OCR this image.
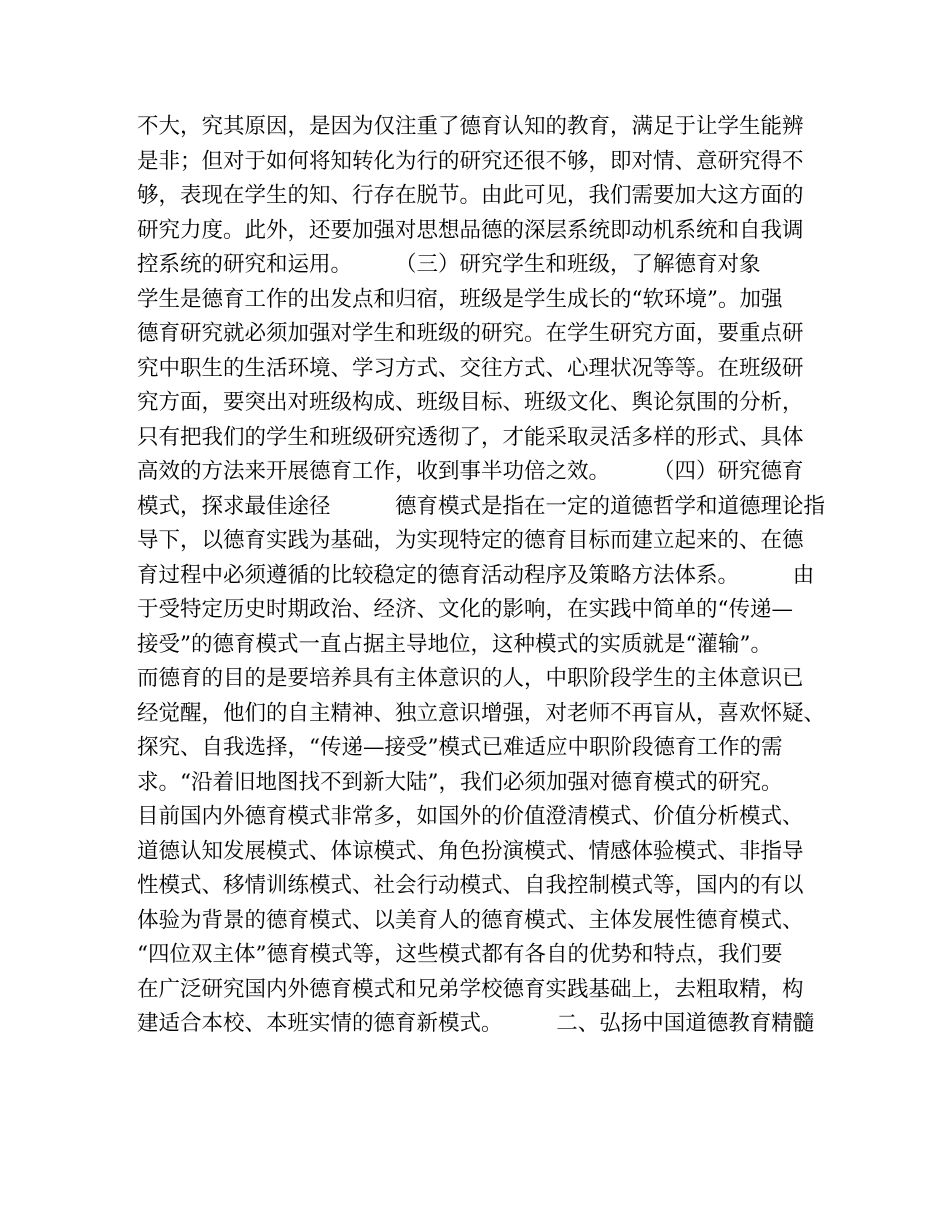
不大，究其原因，是因为仅注重了德育认知的教育，满足于让学生能辨
是非；但对于如何将知转化为行的研究还很不够，即对情、意研究得不
够，表现在学生的知、行存在脱节。由此可见，我们需要加大这方面的
研究力度。此外，还要加强对思想品德的深层系统即动机系统和自我调
控系统的研究和运用。　　　（三）研究学生和班级，了解德育对象
学生是德育工作的出发点和归宿，班级是学生成长的“软环境”。加强
德育研究就必须加强对学生和班级的研究。在学生研究方面，要重点研
究中职生的生活环境、学习方式、交往方式、心理状况等等。在班级研
究方面，要突出对班级构成、班级目标、班级文化、舆论氛围的分析，
只有把我们的学生和班级研究透彻了，才能采取灵活多样的形式、具体
高效的方法来开展德育工作，收到事半功倍之效。　　　（四）研究德育
模式，探求最佳途径　　　德育模式是指在一定的道德哲学和道德理论指
导下，以德育实践为基础，为实现特定的德育目标而建立起来的、在德
育过程中必须遵循的比较稳定的德育活动程序及策略方法体系。　　　由
于受特定历史时期政治、经济、文化的影响，在实践中简单的“传递—
接受”的德育模式一直占据主导地位，这种模式的实质就是“灌输”。
而德育的目的是要培养具有主体意识的人，中职阶段学生的主体意识已
经觉醒，他们的自主精神、独立意识增强，对老师不再盲从，喜欢怀疑、
探究、自我选择，“传递—接受”模式已难适应中职阶段德育工作的需
求。“沿着旧地图找不到新大陆”，我们必须加强对德育模式的研究。
目前国内外德育模式非常多，如国外的价值澄清模式、价值分析模式、
道德认知发展模式、体谅模式、角色扮演模式、情感体验模式、非指导
性模式、移情训练模式、社会行动模式、自我控制模式等，国内的有以
体验为背景的德育模式、以美育人的德育模式、主体发展性德育模式、
“四位双主体”德育模式等，这些模式都有各自的优势和特点，我们要
在广泛研究国内外德育模式和兄弟学校德育实践基础上，去粗取精，构
建适合本校、本班实情的德育新模式。　　　二、弘扬中国道德教育精髓
